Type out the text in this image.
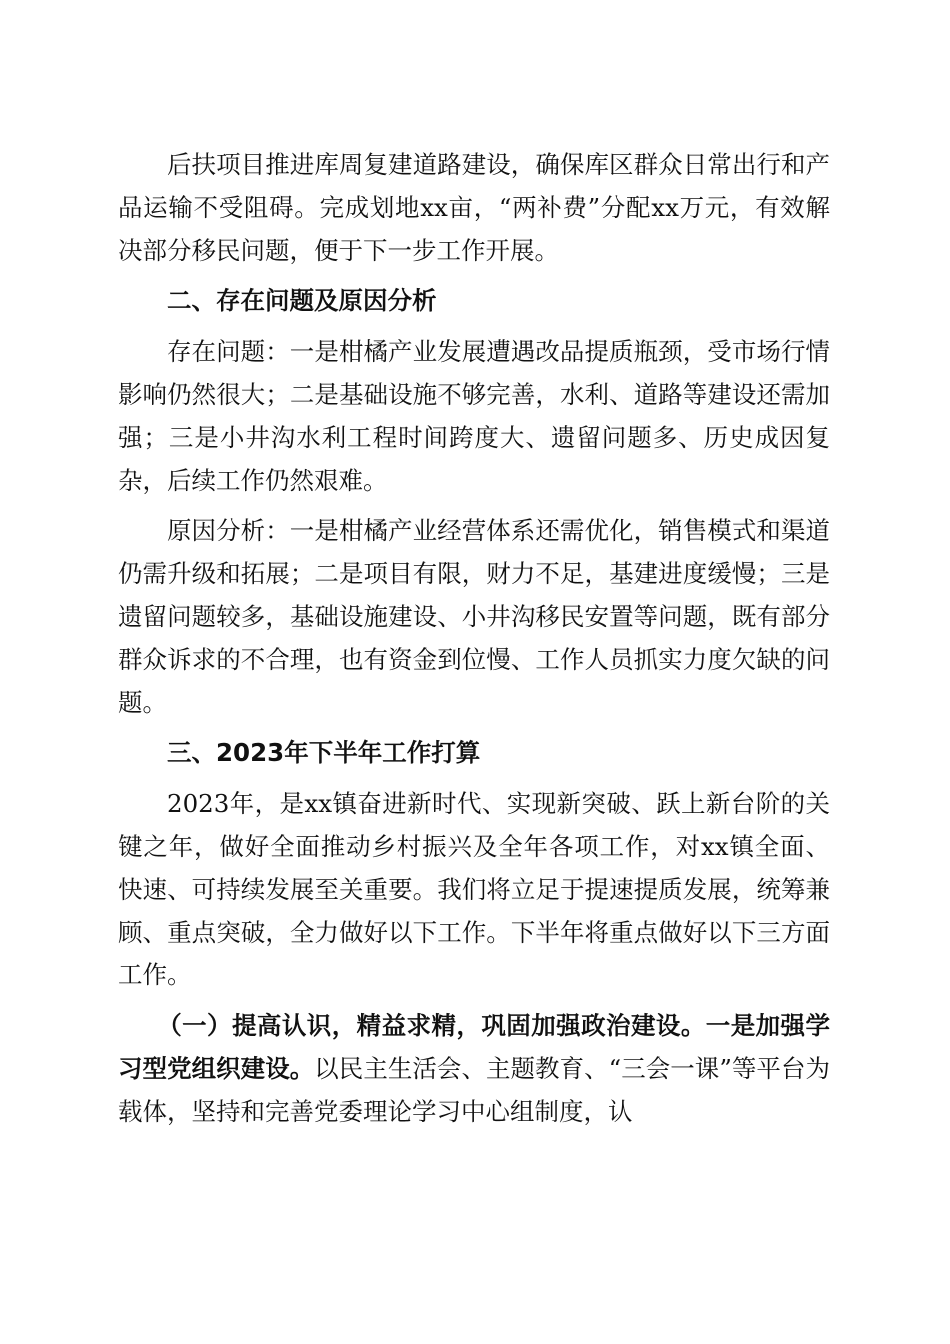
后扶项目推进库周复建道路建设，确保库区群众日常出行和产品运输不受阻碍。完成划地xx亩，“两补费”分配xx万元，有效解决部分移民问题，便于下一步工作开展。

二、存在问题及原因分析

存在问题：一是柑橘产业发展遭遇改品提质瓶颈，受市场行情影响仍然很大；二是基础设施不够完善，水利、道路等建设还需加强；三是小井沟水利工程时间跨度大、遗留问题多、历史成因复杂，后续工作仍然艰难。

原因分析：一是柑橘产业经营体系还需优化，销售模式和渠道仍需升级和拓展；二是项目有限，财力不足，基建进度缓慢；三是遗留问题较多，基础设施建设、小井沟移民安置等问题，既有部分群众诉求的不合理，也有资金到位慢、工作人员抓实力度欠缺的问题。

三、2023年下半年工作打算

2023年，是xx镇奋进新时代、实现新突破、跃上新台阶的关键之年，做好全面推动乡村振兴及全年各项工作，对xx镇全面、快速、可持续发展至关重要。我们将立足于提速提质发展，统筹兼顾、重点突破，全力做好以下工作。下半年将重点做好以下三方面工作。

（一）提高认识，精益求精，巩固加强政治建设。一是加强学习型党组织建设。以民主生活会、主题教育、“三会一课”等平台为载体，坚持和完善党委理论学习中心组制度，认
